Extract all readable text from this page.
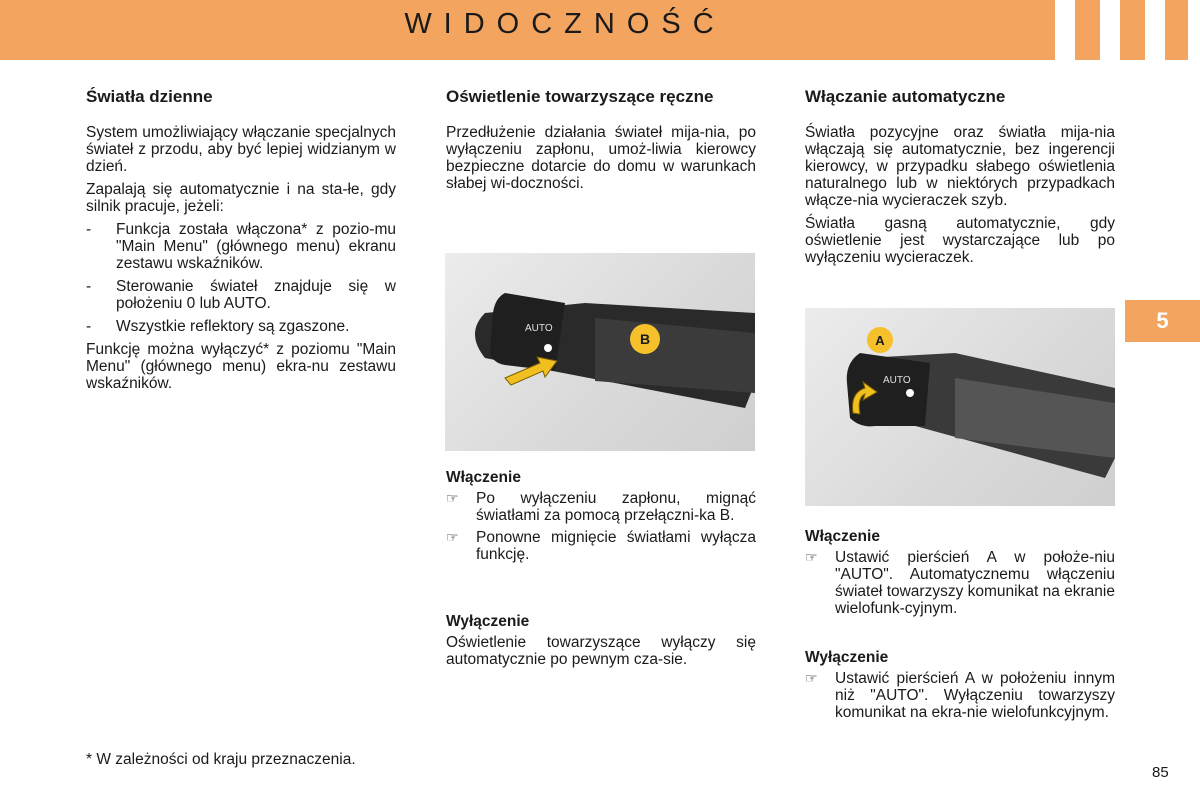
WIDOCZNOŚĆ
5
Światła dzienne

System umożliwiający włączanie specjalnych świateł z przodu, aby być lepiej widzianym w dzień.

Zapalają się automatycznie i na sta-łe, gdy silnik pracuje, jeżeli:

-	Funkcja została włączona* z pozio-mu "Main Menu" (głównego menu) ekranu zestawu wskaźników.
-	Sterowanie świateł znajduje się w położeniu 0 lub AUTO.
-	Wszystkie reflektory są zgaszone.

Funkcję można wyłączyć* z poziomu "Main Menu" (głównego menu) ekra-nu zestawu wskaźników.

Oświetlenie towarzyszące ręczne

Przedłużenie działania świateł mija-nia, po wyłączeniu zapłonu, umoż-liwia kierowcy bezpieczne dotarcie do domu w warunkach słabej wi-doczności.

B
AUTO
Włączenie
☞	Po wyłączeniu zapłonu, mignąć światłami za pomocą przełączni-ka B.
☞	Ponowne mignięcie światłami wyłącza funkcję.
Wyłączenie

Oświetlenie towarzyszące wyłączy się automatycznie po pewnym cza-sie.

Włączanie automatyczne

Światła pozycyjne oraz światła mija-nia włączają się automatycznie, bez ingerencji kierowcy, w przypadku słabego oświetlenia naturalnego lub w niektórych przypadkach włącze-nia wycieraczek szyb.

Światła gasną automatycznie, gdy oświetlenie jest wystarczające lub po wyłączeniu wycieraczek.

A
AUTO
Włączenie
☞	Ustawić pierścień A w położe-niu "AUTO". Automatycznemu włączeniu świateł towarzyszy komunikat na ekranie wielofunk-cyjnym.
Wyłączenie
☞	Ustawić pierścień A w położeniu innym niż "AUTO". Wyłączeniu towarzyszy komunikat na ekra-nie wielofunkcyjnym.
* W zależności od kraju przeznaczenia.
85
